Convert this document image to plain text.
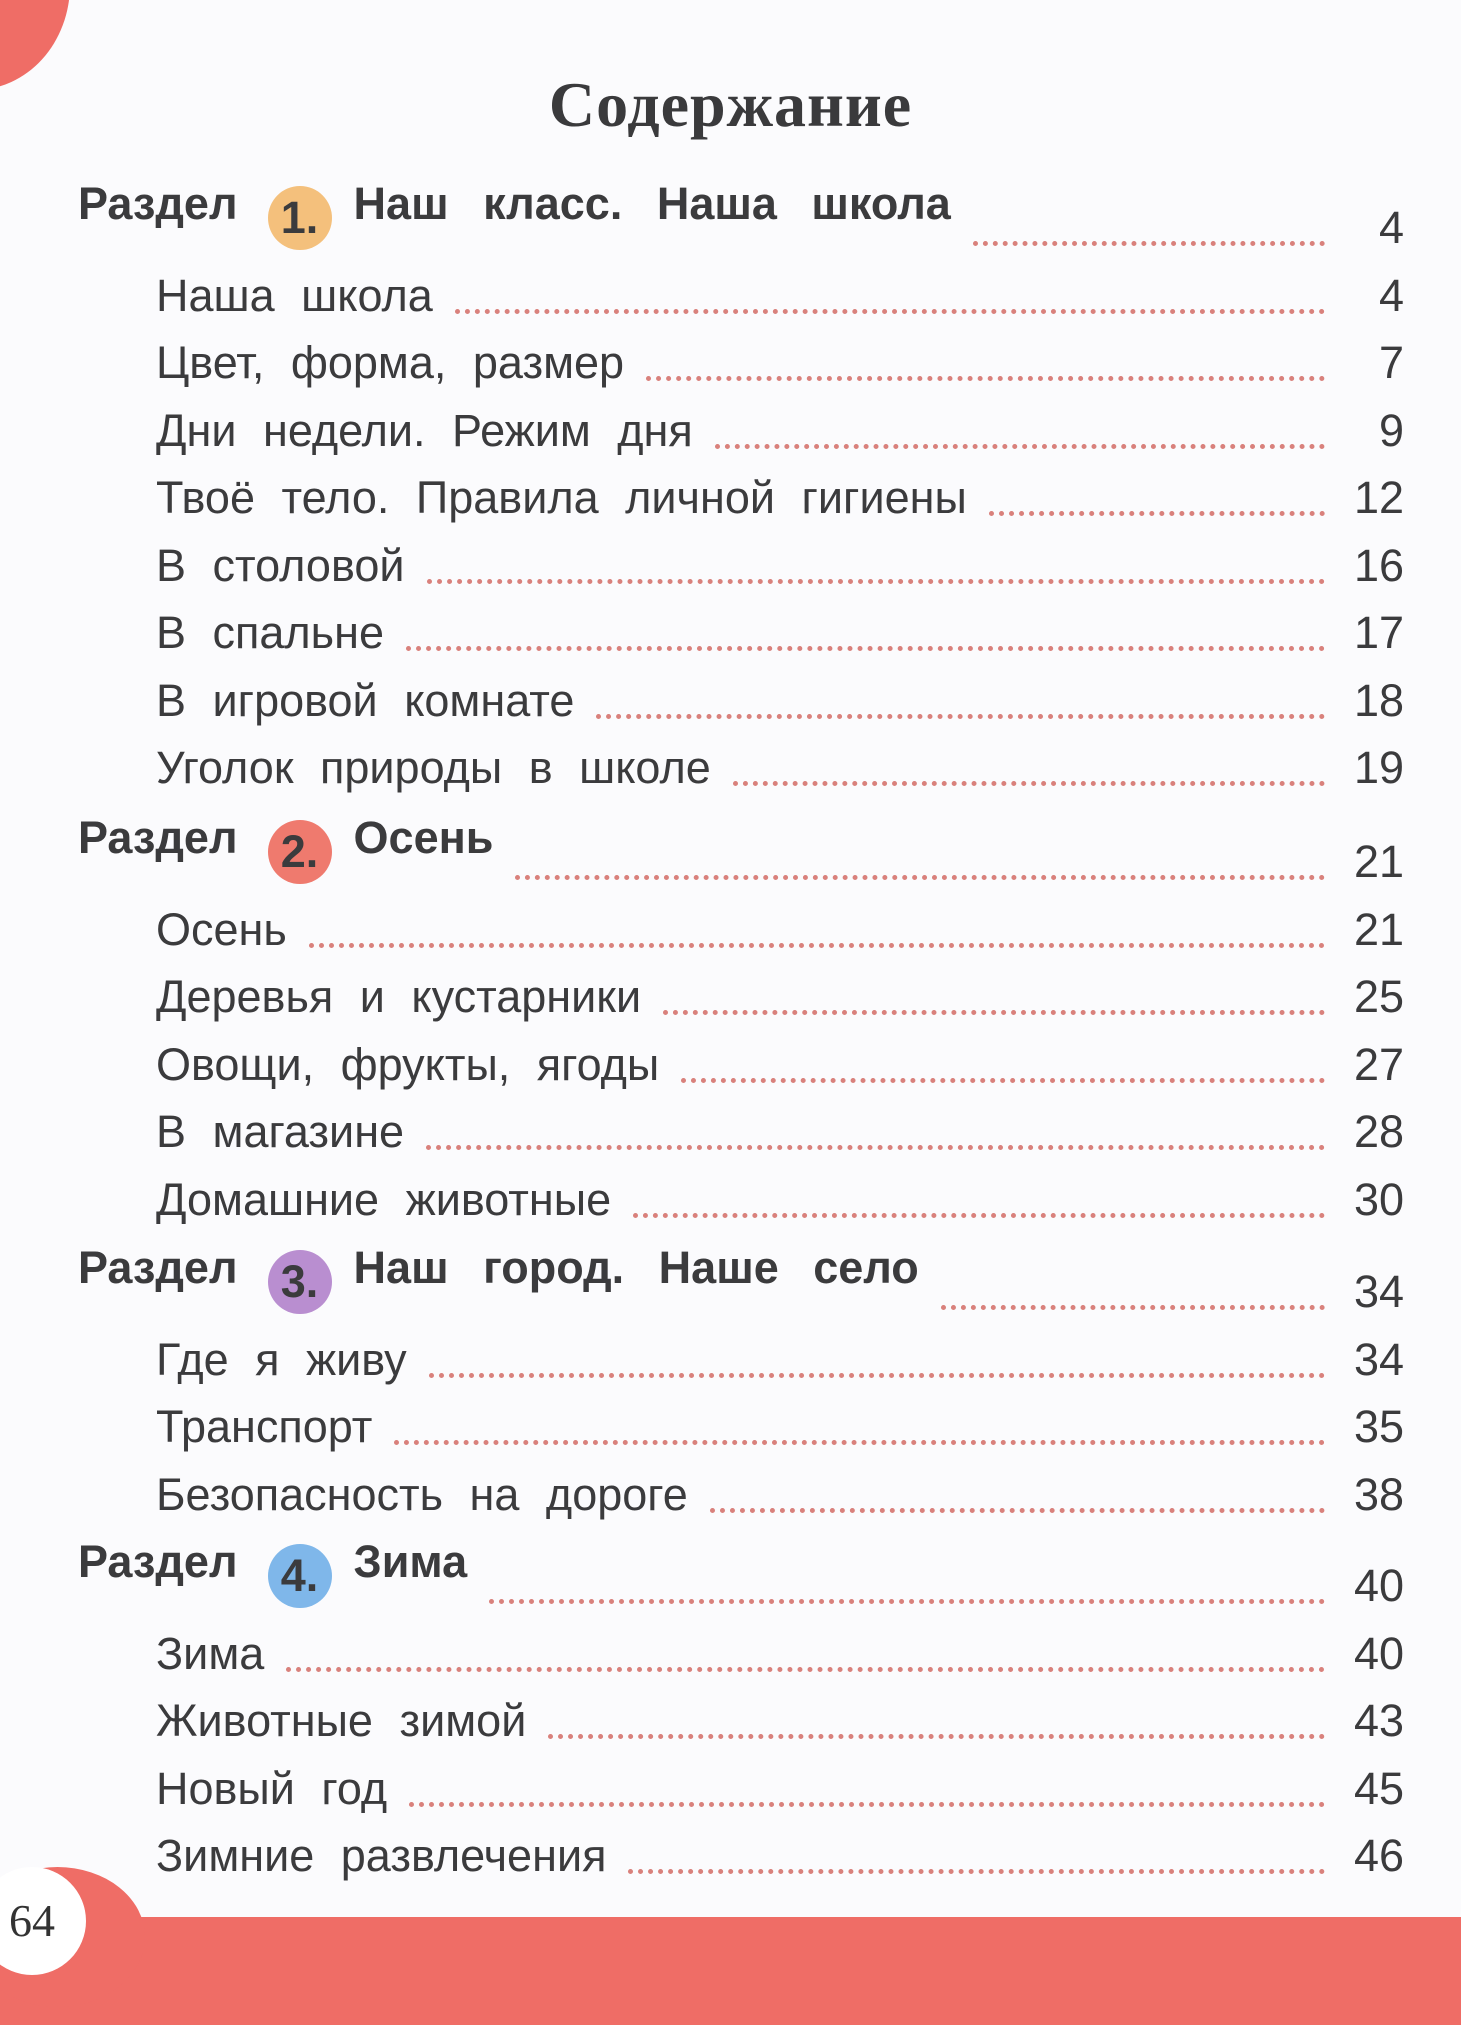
Содержание
Раздел 1. Наш класс. Наша школа	4
Наша школа	4
Цвет, форма, размер	7
Дни недели. Режим дня	9
Твоё тело. Правила личной гигиены	12
В столовой	16
В спальне	17
В игровой комнате	18
Уголок природы в школе	19
Раздел 2. Осень	21
Осень	21
Деревья и кустарники	25
Овощи, фрукты, ягоды	27
В магазине	28
Домашние животные	30
Раздел 3. Наш город. Наше село	34
Где я живу	34
Транспорт	35
Безопасность на дороге	38
Раздел 4. Зима	40
Зима	40
Животные зимой	43
Новый год	45
Зимние развлечения	46
64
